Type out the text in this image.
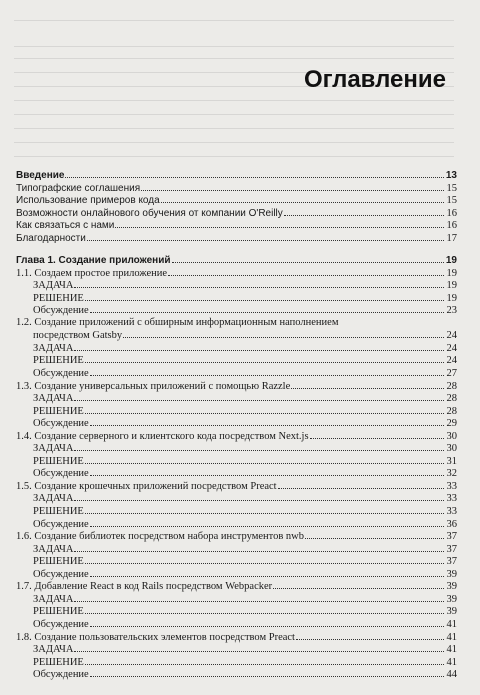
Оглавление
Введение	13
Типографские соглашения	15
Использование примеров кода	15
Возможности онлайнового обучения от компании O'Reilly	16
Как связаться с нами	16
Благодарности	17
Глава 1. Создание приложений	19
1.1. Создаем простое приложение	19
ЗАДАЧА	19
РЕШЕНИЕ	19
Обсуждение	23
1.2. Создание приложений с обширным информационным наполнением
посредством Gatsby	24
ЗАДАЧА	24
РЕШЕНИЕ	24
Обсуждение	27
1.3. Создание универсальных приложений с помощью Razzle	28
ЗАДАЧА	28
РЕШЕНИЕ	28
Обсуждение	29
1.4. Создание серверного и клиентского кода посредством Next.js	30
ЗАДАЧА	30
РЕШЕНИЕ	31
Обсуждение	32
1.5. Создание крошечных приложений посредством Preact	33
ЗАДАЧА	33
РЕШЕНИЕ	33
Обсуждение	36
1.6. Создание библиотек посредством набора инструментов nwb	37
ЗАДАЧА	37
РЕШЕНИЕ	37
Обсуждение	39
1.7. Добавление React в код Rails посредством Webpacker	39
ЗАДАЧА	39
РЕШЕНИЕ	39
Обсуждение	41
1.8. Создание пользовательских элементов посредством Preact	41
ЗАДАЧА	41
РЕШЕНИЕ	41
Обсуждение	44
